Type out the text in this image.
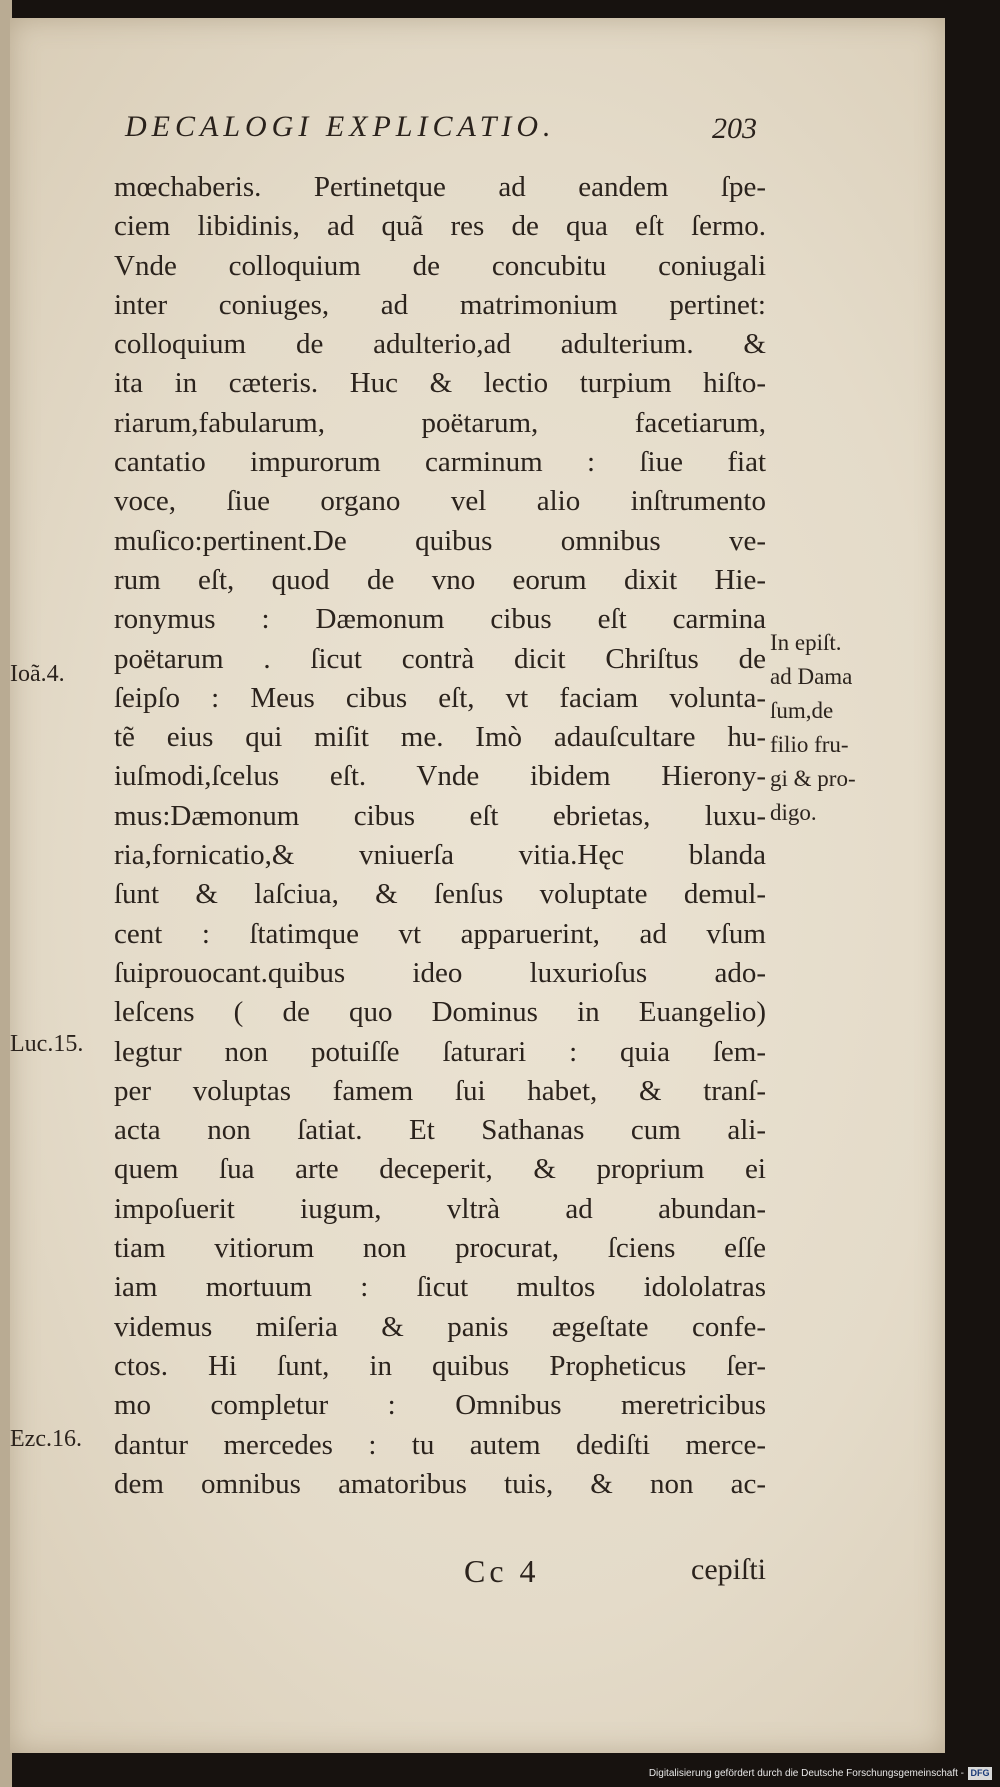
DECALOGI EXPLICATIO.	203
mœchaberis. Pertinetque ad eandem ſpe-
ciem libidinis, ad quã res de qua eſt ſermo.
Vnde colloquium de concubitu coniugali
inter coniuges, ad matrimonium pertinet:
colloquium de adulterio,ad adulterium. &
ita in cæteris. Huc & lectio turpium hiſto-
riarum,fabularum, poëtarum, facetiarum,
cantatio impurorum carminum : ſiue fiat
voce, ſiue organo vel alio inſtrumento
muſico:pertinent.De quibus omnibus ve-
rum eſt, quod de vno eorum dixit Hie-
ronymus : Dæmonum cibus eſt carmina
poëtarum . ſicut contrà dicit Chriſtus de
ſeipſo : Meus cibus eſt, vt faciam volunta-
tẽ eius qui miſit me. Imò adauſcultare hu-
iuſmodi,ſcelus eſt. Vnde ibidem Hierony-
mus:Dæmonum cibus eſt ebrietas, luxu-
ria,fornicatio,& vniuerſa vitia.Hęc blanda
ſunt & laſciua, & ſenſus voluptate demul-
cent : ſtatimque vt apparuerint, ad vſum
ſuiprouocant.quibus ideo luxurioſus ado-
leſcens ( de quo Dominus in Euangelio)
legtur non potuiſſe ſaturari : quia ſem-
per voluptas famem ſui habet, & tranſ-
acta non ſatiat. Et Sathanas cum ali-
quem ſua arte deceperit, & proprium ei
impoſuerit iugum, vltrà ad abundan-
tiam vitiorum non procurat, ſciens eſſe
iam mortuum : ſicut multos idololatras
videmus miſeria & panis ægeſtate confe-
ctos. Hi ſunt, in quibus Propheticus ſer-
mo completur : Omnibus meretricibus
dantur mercedes : tu autem dediſti merce-
dem omnibus amatoribus tuis, & non ac-
Cc 4	cepiſti
In epiſt.
ad Dama
ſum,de
filio fru-
gi & pro-
digo.
Ioã.4.
Luc.15.
Ezc.16.
Digitalisierung gefördert durch die Deutsche Forschungsgemeinschaft - DFG
